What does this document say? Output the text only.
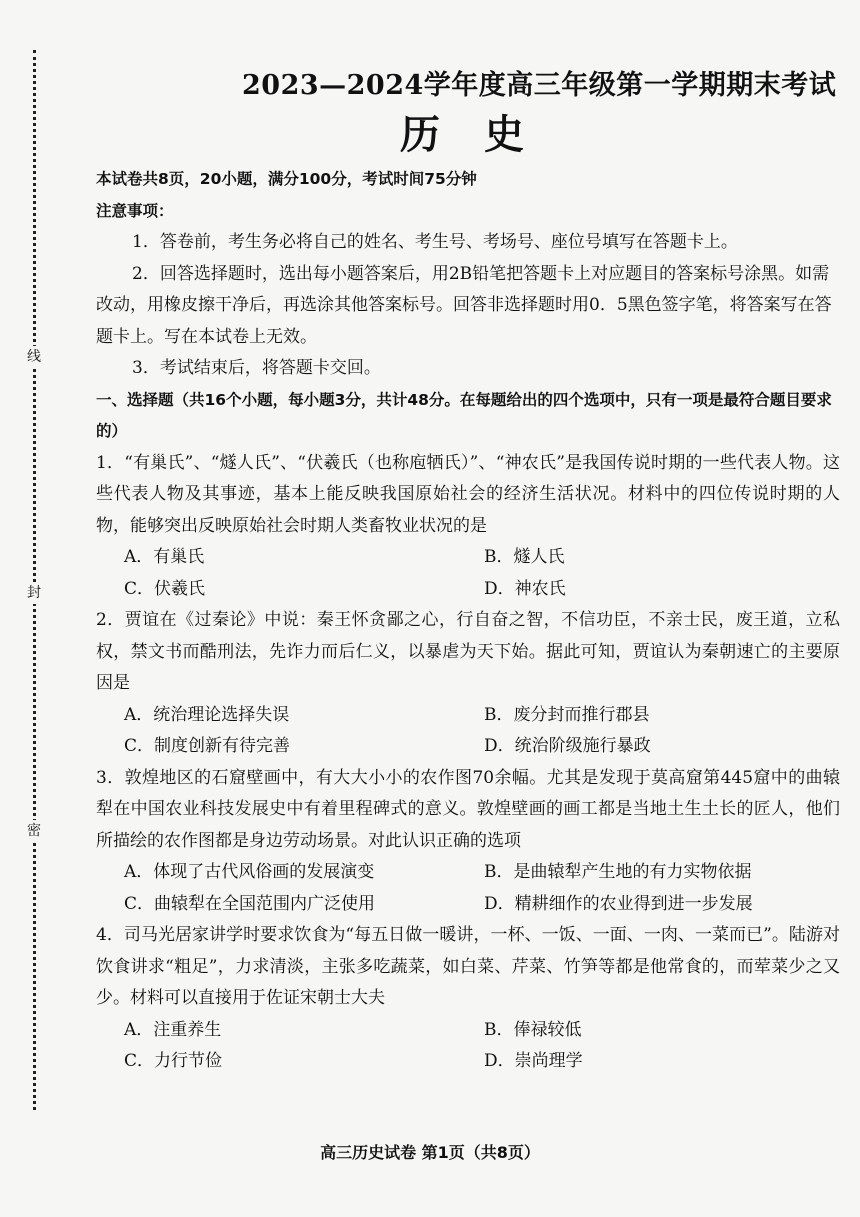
线
封
密
2023—2024学年度高三年级第一学期期末考试
历史
本试卷共8页，20小题，满分100分，考试时间75分钟
注意事项：

1．答卷前，考生务必将自己的姓名、考生号、考场号、座位号填写在答题卡上。

2．回答选择题时，选出每小题答案后，用2B铅笔把答题卡上对应题目的答案标号涂黑。如需改动，用橡皮擦干净后，再选涂其他答案标号。回答非选择题时用0．5黑色签字笔，将答案写在答题卡上。写在本试卷上无效。

3．考试结束后，将答题卡交回。

一、选择题（共16个小题，每小题3分，共计48分。在每题给出的四个选项中，只有一项是最符合题目要求的）
1．“有巢氏”、“燧人氏”、“伏羲氏（也称庖牺氏）”、“神农氏”是我国传说时期的一些代表人物。这些代表人物及其事迹，基本上能反映我国原始社会的经济生活状况。材料中的四位传说时期的人物，能够突出反映原始社会时期人类畜牧业状况的是
A．有巢氏	B．燧人氏
C．伏羲氏	D．神农氏
2．贾谊在《过秦论》中说：秦王怀贪鄙之心，行自奋之智，不信功臣，不亲士民，废王道，立私权，禁文书而酷刑法，先诈力而后仁义，以暴虐为天下始。据此可知，贾谊认为秦朝速亡的主要原因是
A．统治理论选择失误	B．废分封而推行郡县
C．制度创新有待完善	D．统治阶级施行暴政
3．敦煌地区的石窟壁画中，有大大小小的农作图70余幅。尤其是发现于莫高窟第445窟中的曲辕犁在中国农业科技发展史中有着里程碑式的意义。敦煌壁画的画工都是当地土生土长的匠人，他们所描绘的农作图都是身边劳动场景。对此认识正确的选项
A．体现了古代风俗画的发展演变	B．是曲辕犁产生地的有力实物依据
C．曲辕犁在全国范围内广泛使用	D．精耕细作的农业得到进一步发展
4．司马光居家讲学时要求饮食为“每五日做一暖讲，一杯、一饭、一面、一肉、一菜而已”。陆游对饮食讲求“粗足”，力求清淡，主张多吃蔬菜，如白菜、芹菜、竹笋等都是他常食的，而荤菜少之又少。材料可以直接用于佐证宋朝士大夫
A．注重养生	B．俸禄较低
C．力行节俭	D．崇尚理学
高三历史试卷 第1页（共8页）
